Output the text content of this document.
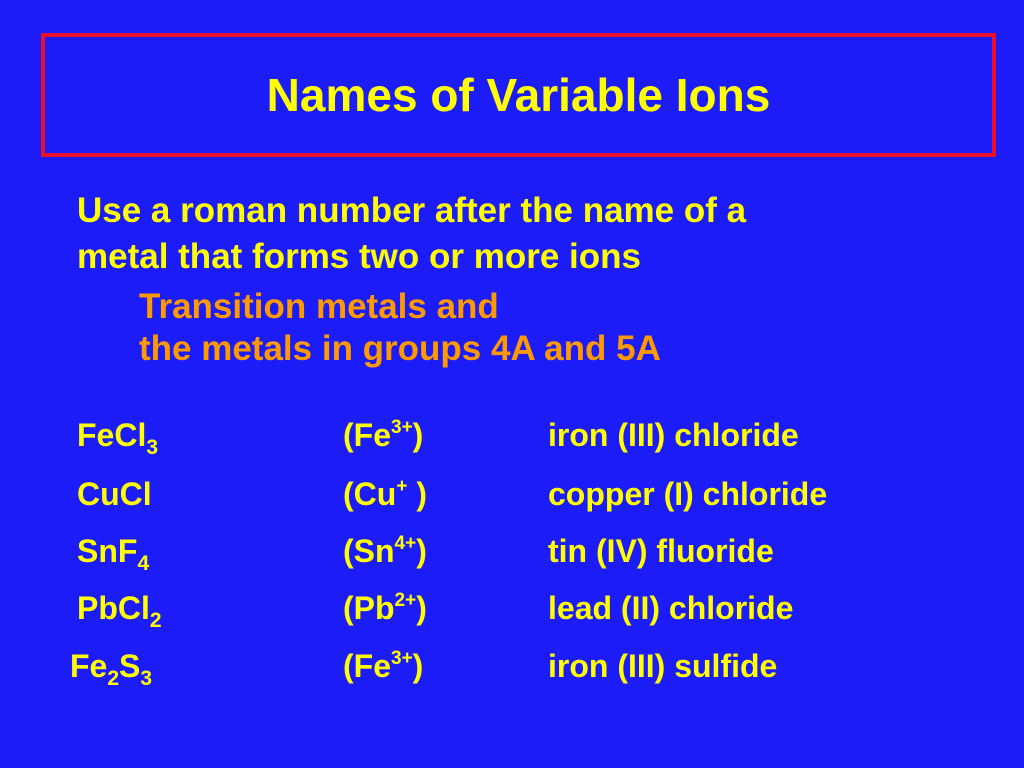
Names of Variable Ions
Use a roman number after the name of a
metal that forms two or more ions
Transition metals and
the metals in groups 4A and 5A
FeCl$_3$	$(Fe^{3+})$	iron (III) chloride
CuCl	(Cu+ )	copper (I) chloride
SnF$_4$	$(Sn^{4+})$	tin (IV) fluoride
PbCl$_2$	$(Pb^{2+})$	lead (II) chloride
$Fe_2S_3$	$(Fe^{3+})$	iron (III) sulfide
